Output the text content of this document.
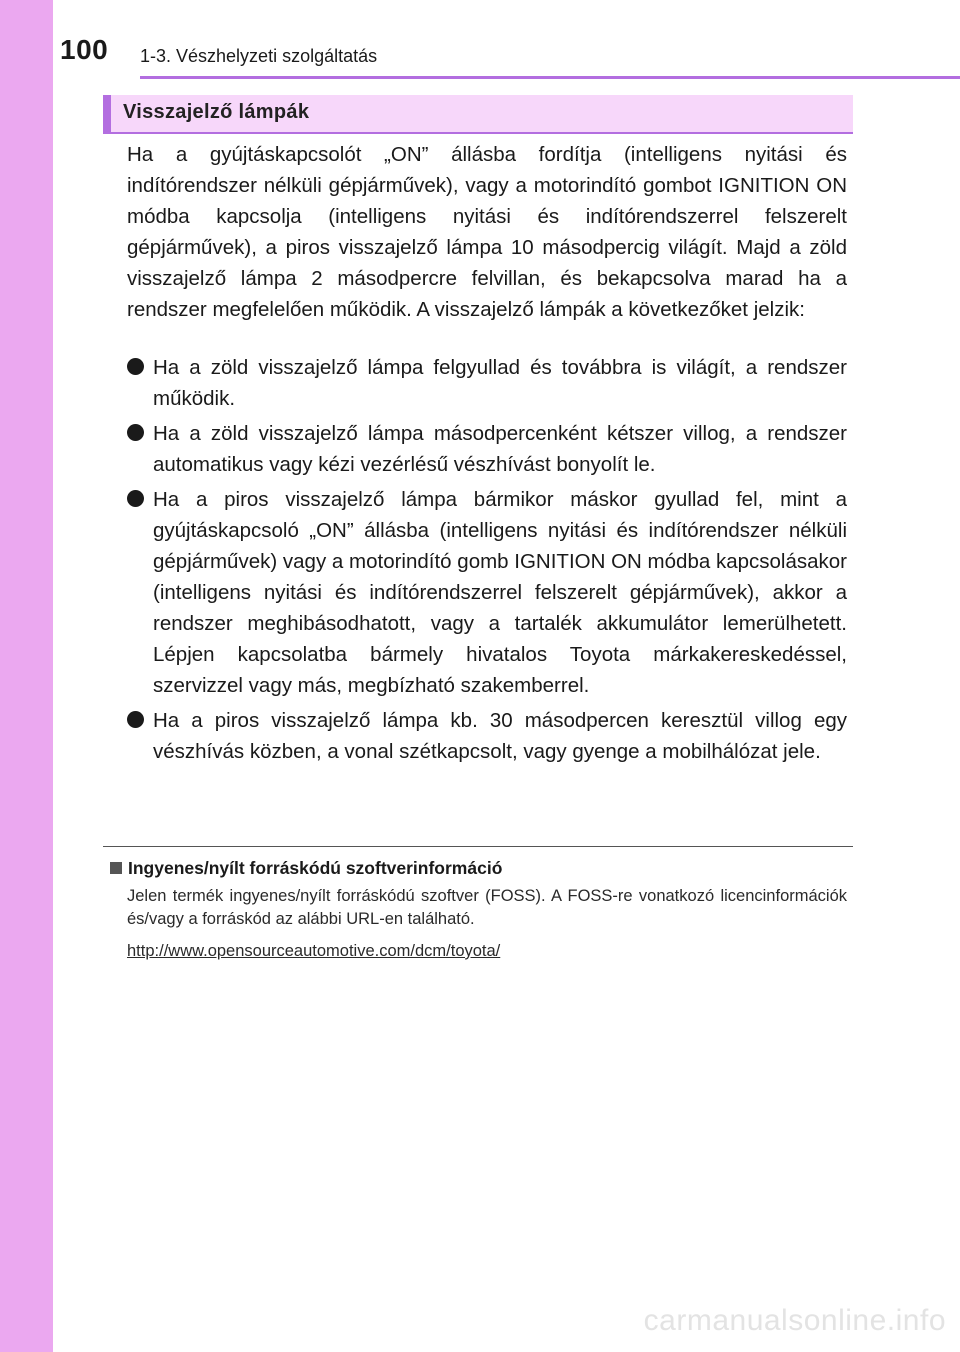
100 1-3. Vészhelyzeti szolgáltatás
Visszajelző lámpák

Ha a gyújtáskapcsolót „ON” állásba fordítja (intelligens nyitási és indítórendszer nélküli gépjárművek), vagy a motorindító gombot IGNITION ON módba kapcsolja (intelligens nyitási és indítórendszerrel felszerelt gépjárművek), a piros visszajelző lámpa 10 másodpercig világít. Majd a zöld visszajelző lámpa 2 másodpercre felvillan, és bekapcsolva marad ha a rendszer megfelelően működik. A visszajelző lámpák a következőket jelzik:

Ha a zöld visszajelző lámpa felgyullad és továbbra is világít, a rendszer működik.
Ha a zöld visszajelző lámpa másodpercenként kétszer villog, a rendszer automatikus vagy kézi vezérlésű vészhívást bonyolít le.
Ha a piros visszajelző lámpa bármikor máskor gyullad fel, mint a gyújtáskapcsoló „ON” állásba (intelligens nyitási és indítórendszer nélküli gépjárművek) vagy a motorindító gomb IGNITION ON módba kapcsolásakor (intelligens nyitási és indítórendszerrel felszerelt gépjárművek), akkor a rendszer meghibásodhatott, vagy a tartalék akkumulátor lemerülhetett. Lépjen kapcsolatba bármely hivatalos Toyota márkakereskedéssel, szervizzel vagy más, megbízható szakemberrel.
Ha a piros visszajelző lámpa kb. 30 másodpercen keresztül villog egy vészhívás közben, a vonal szétkapcsolt, vagy gyenge a mobilhálózat jele.
Ingyenes/nyílt forráskódú szoftverinformáció

Jelen termék ingyenes/nyílt forráskódú szoftver (FOSS). A FOSS-re vonatkozó licencinformációk és/vagy a forráskód az alábbi URL-en található.

http://www.opensourceautomotive.com/dcm/toyota/
carmanualsonline.info
